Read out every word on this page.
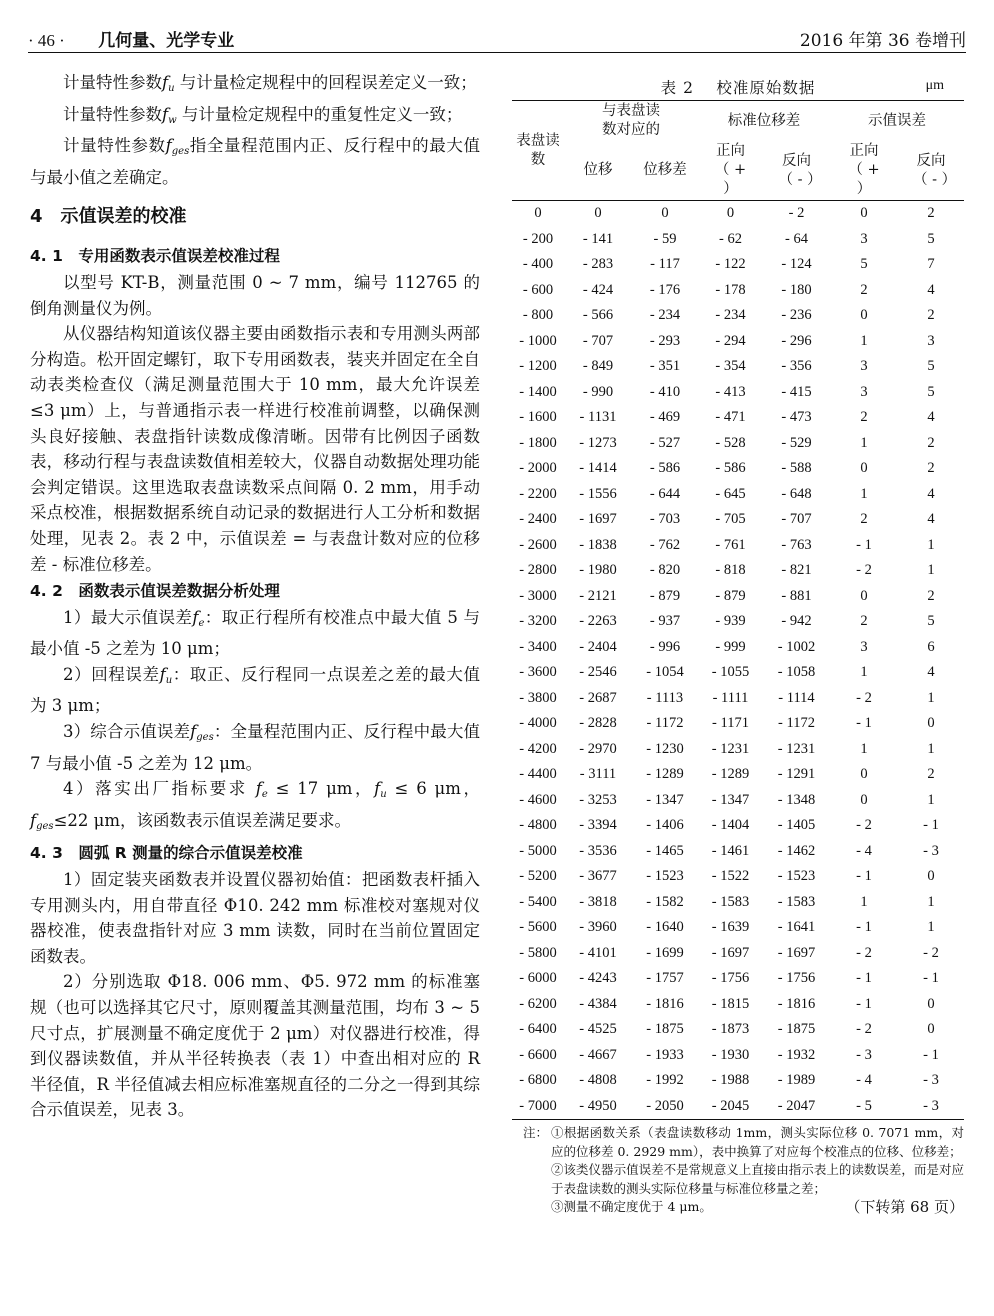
· 46 · 几何量、光学专业	2016 年第 36 卷增刊

计量特性参数$f_u$ 与计量检定规程中的回程误差定义一致；

计量特性参数$f_w$ 与计量检定规程中的重复性定义一致；

计量特性参数$f_{ges}$指全量程范围内正、反行程中的最大值与最小值之差确定。

4　示值误差的校准
4. 1　专用函数表示值误差校准过程

以型号 KT-B，测量范围 0 ~ 7 mm，编号 112765 的倒角测量仪为例。

从仪器结构知道该仪器主要由函数指示表和专用测头两部分构造。松开固定螺钉，取下专用函数表，装夹并固定在全自动表类检查仪（满足测量范围大于 10 mm，最大允许误差≤3 μm）上，与普通指示表一样进行校准前调整，以确保测头良好接触、表盘指针读数成像清晰。因带有比例因子函数表，移动行程与表盘读数值相差较大，仪器自动数据处理功能会判定错误。这里选取表盘读数采点间隔 0. 2 mm，用手动采点校准，根据数据系统自动记录的数据进行人工分析和数据处理，见表 2。表 2 中，示值误差 = 与表盘计数对应的位移差 - 标准位移差。

4. 2　函数表示值误差数据分析处理

1）最大示值误差$f_e$：取正行程所有校准点中最大值 5 与最小值 -5 之差为 10 μm；

2）回程误差$f_u$：取正、反行程同一点误差之差的最大值为 3 μm；

3）综合示值误差$f_{ges}$：全量程范围内正、反行程中最大值 7 与最小值 -5 之差为 12 μm。

4）落实出厂指标要求 $f_e \le 17$ μm，$f_u \le 6$ μm，$f_{ges}\le 22$ μm，该函数表示值误差满足要求。

4. 3　圆弧 R 测量的综合示值误差校准

1）固定装夹函数表并设置仪器初始值：把函数表杆插入专用测头内，用自带直径 Φ10. 242 mm 标准校对塞规对仪器校准，使表盘指针对应 3 mm 读数，同时在当前位置固定函数表。

2）分别选取 Φ18. 006 mm、Φ5. 972 mm 的标准塞规（也可以选择其它尺寸，原则覆盖其测量范围，均布 3 ~ 5 尺寸点，扩展测量不确定度优于 2 μm）对仪器进行校准，得到仪器读数值，并从半径转换表（表 1）中查出相对应的 R 半径值，R 半径值减去相应标准塞规直径的二分之一得到其综合示值误差，见表 3。

表 2　 校准原始数据	μm
表盘读数	与表盘读数对应的		标准位移差		示值误差	
	位移	位移差	正向（ + ）	反向（ - ）	正向（ + ）	反向（ - ）
0	0	0	0	- 2	0	2
- 200	- 141	- 59	- 62	- 64	3	5
- 400	- 283	- 117	- 122	- 124	5	7
- 600	- 424	- 176	- 178	- 180	2	4
- 800	- 566	- 234	- 234	- 236	0	2
- 1000	- 707	- 293	- 294	- 296	1	3
- 1200	- 849	- 351	- 354	- 356	3	5
- 1400	- 990	- 410	- 413	- 415	3	5
- 1600	- 1131	- 469	- 471	- 473	2	4
- 1800	- 1273	- 527	- 528	- 529	1	2
- 2000	- 1414	- 586	- 586	- 588	0	2
- 2200	- 1556	- 644	- 645	- 648	1	4
- 2400	- 1697	- 703	- 705	- 707	2	4
- 2600	- 1838	- 762	- 761	- 763	- 1	1
- 2800	- 1980	- 820	- 818	- 821	- 2	1
- 3000	- 2121	- 879	- 879	- 881	0	2
- 3200	- 2263	- 937	- 939	- 942	2	5
- 3400	- 2404	- 996	- 999	- 1002	3	6
- 3600	- 2546	- 1054	- 1055	- 1058	1	4
- 3800	- 2687	- 1113	- 1111	- 1114	- 2	1
- 4000	- 2828	- 1172	- 1171	- 1172	- 1	0
- 4200	- 2970	- 1230	- 1231	- 1231	1	1
- 4400	- 3111	- 1289	- 1289	- 1291	0	2
- 4600	- 3253	- 1347	- 1347	- 1348	0	1
- 4800	- 3394	- 1406	- 1404	- 1405	- 2	- 1
- 5000	- 3536	- 1465	- 1461	- 1462	- 4	- 3
- 5200	- 3677	- 1523	- 1522	- 1523	- 1	0
- 5400	- 3818	- 1582	- 1583	- 1583	1	1
- 5600	- 3960	- 1640	- 1639	- 1641	- 1	1
- 5800	- 4101	- 1699	- 1697	- 1697	- 2	- 2
- 6000	- 4243	- 1757	- 1756	- 1756	- 1	- 1
- 6200	- 4384	- 1816	- 1815	- 1816	- 1	0
- 6400	- 4525	- 1875	- 1873	- 1875	- 2	0
- 6600	- 4667	- 1933	- 1930	- 1932	- 3	- 1
- 6800	- 4808	- 1992	- 1988	- 1989	- 4	- 3
- 7000	- 4950	- 2050	- 2045	- 2047	- 5	- 3
注： ①根据函数关系（表盘读数移动 1mm，测头实际位移 0. 7071 mm，对应的位移差 0. 2929 mm），表中换算了对应每个校准点的位移、位移差；
②该类仪器示值误差不是常规意义上直接由指示表上的读数误差，而是对应于表盘读数的测头实际位移量与标准位移量之差；
③测量不确定度优于 4 μm。	（下转第 68 页）
